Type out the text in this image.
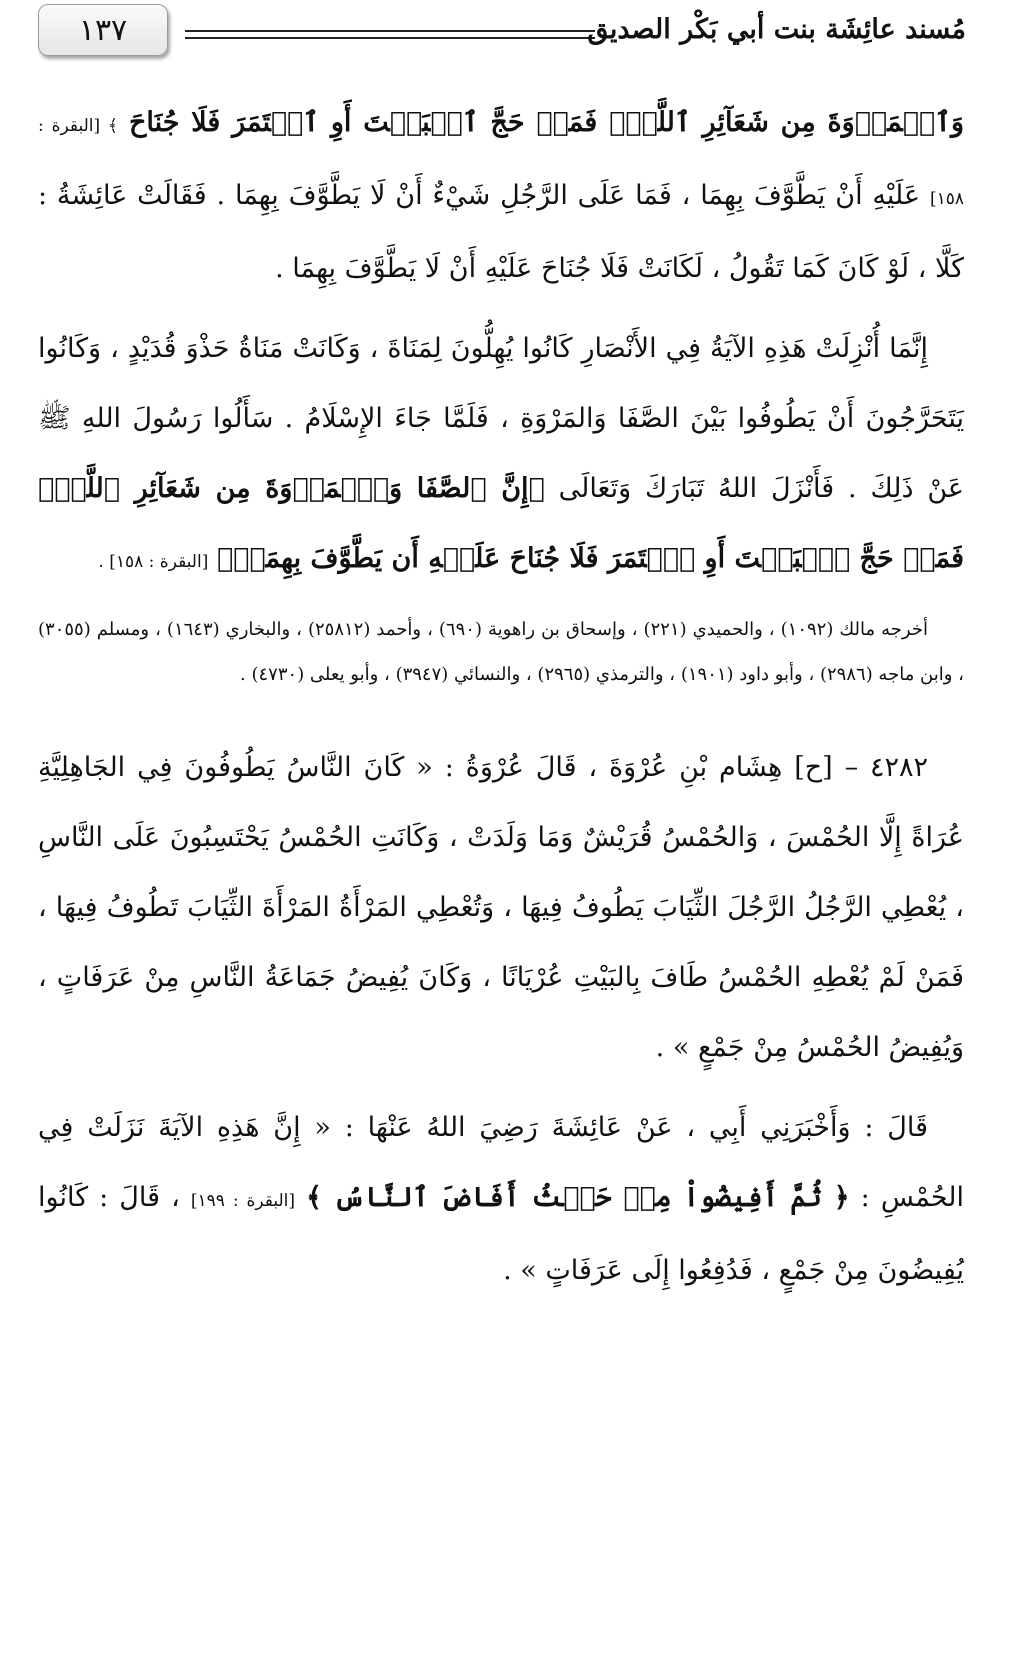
١٣٧	مُسند عائِشَة بنت أبي بَكْر الصديق

وَٱلۡمَرۡوَةَ مِن شَعَآئِرِ ٱللَّهِۖ فَمَنۡ حَجَّ ٱلۡبَيۡتَ أَوِ ٱعۡتَمَرَ فَلَا جُنَاحَ ﴾ [البقرة : ١٥٨] عَلَيْهِ أَنْ يَطَّوَّفَ بِهِمَا ، فَمَا عَلَى الرَّجُلِ شَيْءٌ أَنْ لَا يَطَّوَّفَ بِهِمَا . فَقَالَتْ عَائِشَةُ : كَلَّا ، لَوْ كَانَ كَمَا تَقُولُ ، لَكَانَتْ فَلَا جُنَاحَ عَلَيْهِ أَنْ لَا يَطَّوَّفَ بِهِمَا .

إِنَّمَا أُنْزِلَتْ هَذِهِ الآيَةُ فِي الأَنْصَارِ كَانُوا يُهِلُّونَ لِمَنَاةَ ، وَكَانَتْ مَنَاةُ حَذْوَ قُدَيْدٍ ، وَكَانُوا يَتَحَرَّجُونَ أَنْ يَطُوفُوا بَيْنَ الصَّفَا وَالمَرْوَةِ ، فَلَمَّا جَاءَ الإِسْلَامُ . سَأَلُوا رَسُولَ اللهِ ﷺ عَنْ ذَلِكَ . فَأَنْزَلَ اللهُ تَبَارَكَ وَتَعَالَى ﴿إِنَّ ٱلصَّفَا وَٱلۡمَرۡوَةَ مِن شَعَآئِرِ ٱللَّهِۖ فَمَنۡ حَجَّ ٱلۡبَيۡتَ أَوِ ٱعۡتَمَرَ فَلَا جُنَاحَ عَلَيۡهِ أَن يَطَّوَّفَ بِهِمَاۚ﴾ [البقرة : ١٥٨] .

أخرجه مالك (١٠٩٢) ، والحميدي (٢٢١) ، وإسحاق بن راهوية (٦٩٠) ، وأحمد (٢٥٨١٢) ، والبخاري (١٦٤٣) ، ومسلم (٣٠٥٥) ، وابن ماجه (٢٩٨٦) ، وأبو داود (١٩٠١) ، والترمذي (٢٩٦٥) ، والنسائي (٣٩٤٧) ، وأبو يعلى (٤٧٣٠) .

٤٢٨٢ – [ح] هِشَام بْنِ عُرْوَةَ ، قَالَ عُرْوَةُ : « كَانَ النَّاسُ يَطُوفُونَ فِي الجَاهِلِيَّةِ عُرَاةً إِلَّا الحُمْسَ ، وَالحُمْسُ قُرَيْشٌ وَمَا وَلَدَتْ ، وَكَانَتِ الحُمْسُ يَحْتَسِبُونَ عَلَى النَّاسِ ، يُعْطِي الرَّجُلُ الرَّجُلَ الثِّيَابَ يَطُوفُ فِيهَا ، وَتُعْطِي المَرْأَةُ المَرْأَةَ الثِّيَابَ تَطُوفُ فِيهَا ، فَمَنْ لَمْ يُعْطِهِ الحُمْسُ طَافَ بِالبَيْتِ عُرْيَانًا ، وَكَانَ يُفِيضُ جَمَاعَةُ النَّاسِ مِنْ عَرَفَاتٍ ، وَيُفِيضُ الحُمْسُ مِنْ جَمْعٍ » .

قَالَ : وَأَخْبَرَنِي أَبِي ، عَنْ عَائِشَةَ رَضِيَ اللهُ عَنْهَا : « إِنَّ هَذِهِ الآيَةَ نَزَلَتْ فِي الحُمْسِ : ﴿ ثُمَّ أَفِيضُواْ مِنۡ حَيۡثُ أَفَاضَ ٱلنَّاسُ ﴾ [البقرة : ١٩٩] ، قَالَ : كَانُوا يُفِيضُونَ مِنْ جَمْعٍ ، فَدُفِعُوا إِلَى عَرَفَاتٍ » .
